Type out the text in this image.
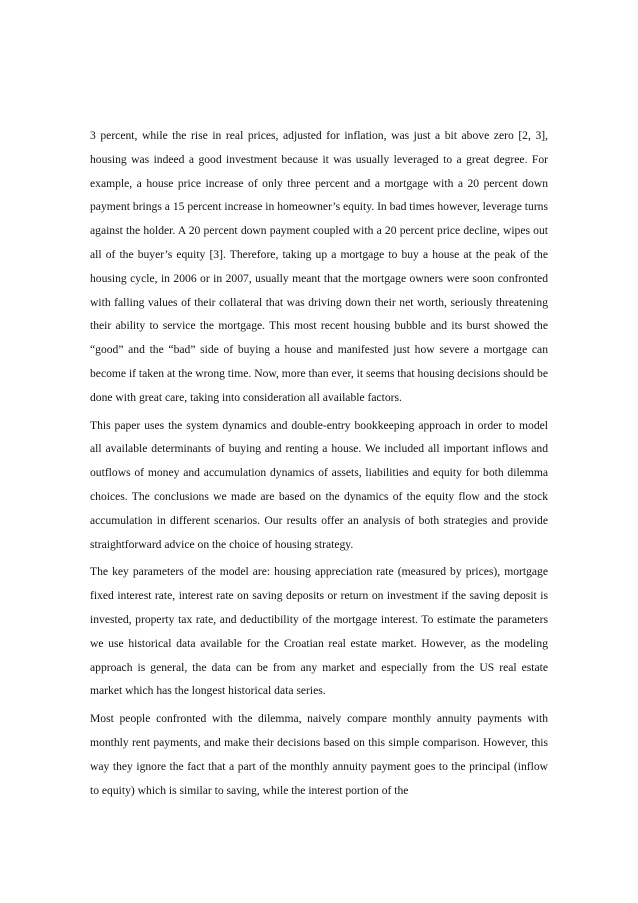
3 percent, while the rise in real prices, adjusted for inflation, was just a bit above zero [2, 3], housing was indeed a good investment because it was usually leveraged to a great degree. For example, a house price increase of only three percent and a mortgage with a 20 percent down payment brings a 15 percent increase in homeowner’s equity. In bad times however, leverage turns against the holder. A 20 percent down payment coupled with a 20 percent price decline, wipes out all of the buyer’s equity [3]. Therefore, taking up a mortgage to buy a house at the peak of the housing cycle, in 2006 or in 2007, usually meant that the mortgage owners were soon confronted with falling values of their collateral that was driving down their net worth, seriously threatening their ability to service the mortgage. This most recent housing bubble and its burst showed the “good” and the “bad” side of buying a house and manifested just how severe a mortgage can become if taken at the wrong time. Now, more than ever, it seems that housing decisions should be done with great care, taking into consideration all available factors.

This paper uses the system dynamics and double-entry bookkeeping approach in order to model all available determinants of buying and renting a house. We included all important inflows and outflows of money and accumulation dynamics of assets, liabilities and equity for both dilemma choices. The conclusions we made are based on the dynamics of the equity flow and the stock accumulation in different scenarios. Our results offer an analysis of both strategies and provide straightforward advice on the choice of housing strategy.

The key parameters of the model are: housing appreciation rate (measured by prices), mortgage fixed interest rate, interest rate on saving deposits or return on investment if the saving deposit is invested, property tax rate, and deductibility of the mortgage interest. To estimate the parameters we use historical data available for the Croatian real estate market. However, as the modeling approach is general, the data can be from any market and especially from the US real estate market which has the longest historical data series.

Most people confronted with the dilemma, naively compare monthly annuity payments with monthly rent payments, and make their decisions based on this simple comparison. However, this way they ignore the fact that a part of the monthly annuity payment goes to the principal (inflow to equity) which is similar to saving, while the interest portion of the
